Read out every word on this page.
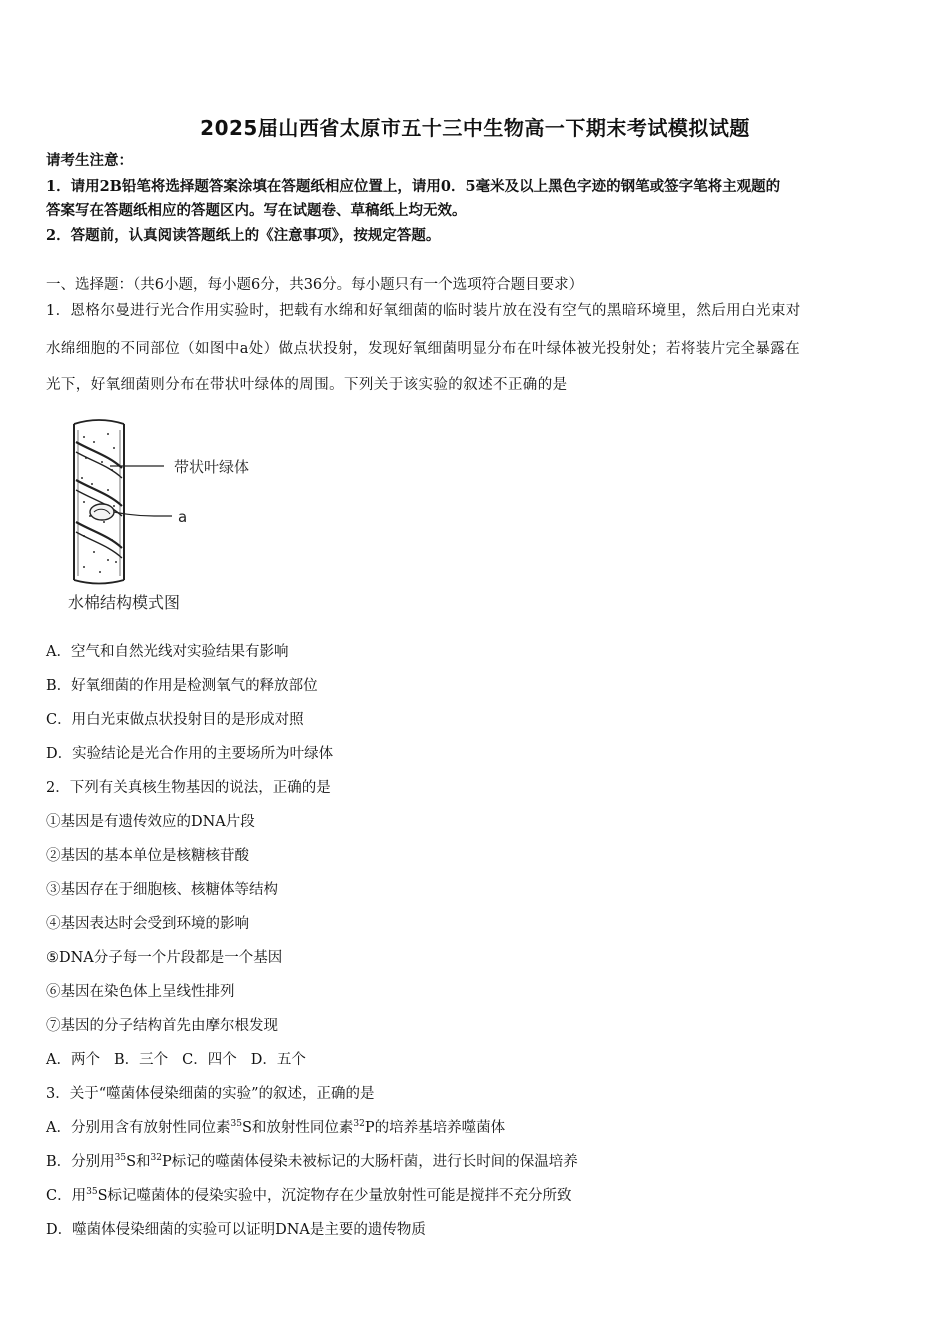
2025届山西省太原市五十三中生物高一下期末考试模拟试题
请考生注意：
1．请用2B铅笔将选择题答案涂填在答题纸相应位置上，请用0．5毫米及以上黑色字迹的钢笔或签字笔将主观题的
答案写在答题纸相应的答题区内。写在试题卷、草稿纸上均无效。
2．答题前，认真阅读答题纸上的《注意事项》，按规定答题。
一、选择题：（共6小题，每小题6分，共36分。每小题只有一个选项符合题目要求）
1．恩格尔曼进行光合作用实验时，把载有水绵和好氧细菌的临时装片放在没有空气的黑暗环境里，然后用白光束对
水绵细胞的不同部位（如图中a处）做点状投射，发现好氧细菌明显分布在叶绿体被光投射处；若将装片完全暴露在
光下，好氧细菌则分布在带状叶绿体的周围。下列关于该实验的叙述不正确的是
带状叶绿体
a
水棉结构模式图
A．空气和自然光线对实验结果有影响
B．好氧细菌的作用是检测氧气的释放部位
C．用白光束做点状投射目的是形成对照
D．实验结论是光合作用的主要场所为叶绿体
2．下列有关真核生物基因的说法，正确的是
①基因是有遗传效应的DNA片段
②基因的基本单位是核糖核苷酸
③基因存在于细胞核、核糖体等结构
④基因表达时会受到环境的影响
⑤DNA分子每一个片段都是一个基因
⑥基因在染色体上呈线性排列
⑦基因的分子结构首先由摩尔根发现
A．两个 B．三个 C．四个 D．五个
3．关于“噬菌体侵染细菌的实验”的叙述，正确的是
A．分别用含有放射性同位素$^{35}$S和放射性同位素$^{32}$P的培养基培养噬菌体
B．分别用$^{35}$S和$^{32}$P标记的噬菌体侵染未被标记的大肠杆菌，进行长时间的保温培养
C．用$^{35}$S标记噬菌体的侵染实验中，沉淀物存在少量放射性可能是搅拌不充分所致
D．噬菌体侵染细菌的实验可以证明DNA是主要的遗传物质
